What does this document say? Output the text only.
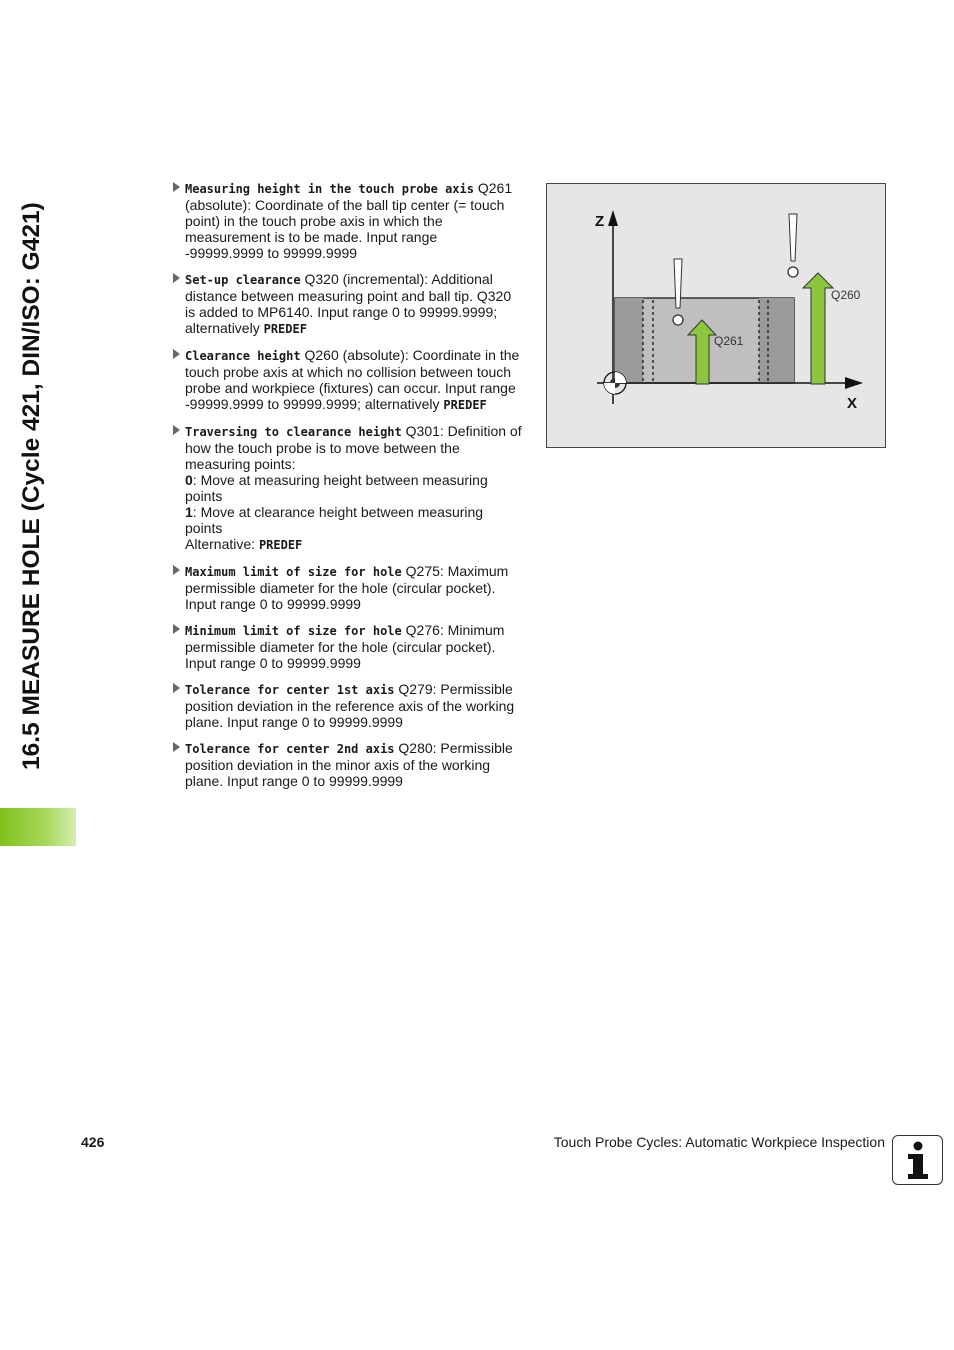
16.5 MEASURE HOLE (Cycle 421, DIN/ISO: G421)
Measuring height in the touch probe axis Q261
(absolute): Coordinate of the ball tip center (= touch
point) in the touch probe axis in which the
measurement is to be made. Input range
-99999.9999 to 99999.9999
Set-up clearance Q320 (incremental): Additional
distance between measuring point and ball tip. Q320
is added to MP6140. Input range 0 to 99999.9999;
alternatively PREDEF
Clearance height Q260 (absolute): Coordinate in the
touch probe axis at which no collision between touch
probe and workpiece (fixtures) can occur. Input range
-99999.9999 to 99999.9999; alternatively PREDEF
Traversing to clearance height Q301: Definition of
how the touch probe is to move between the
measuring points:
0: Move at measuring height between measuring
points
1: Move at clearance height between measuring
points
Alternative: PREDEF
Maximum limit of size for hole Q275: Maximum
permissible diameter for the hole (circular pocket).
Input range 0 to 99999.9999
Minimum limit of size for hole Q276: Minimum
permissible diameter for the hole (circular pocket).
Input range 0 to 99999.9999
Tolerance for center 1st axis Q279: Permissible
position deviation in the reference axis of the working
plane. Input range 0 to 99999.9999
Tolerance for center 2nd axis Q280: Permissible
position deviation in the minor axis of the working
plane. Input range 0 to 99999.9999
Z
X
Q261
Q260
426	Touch Probe Cycles: Automatic Workpiece Inspection
